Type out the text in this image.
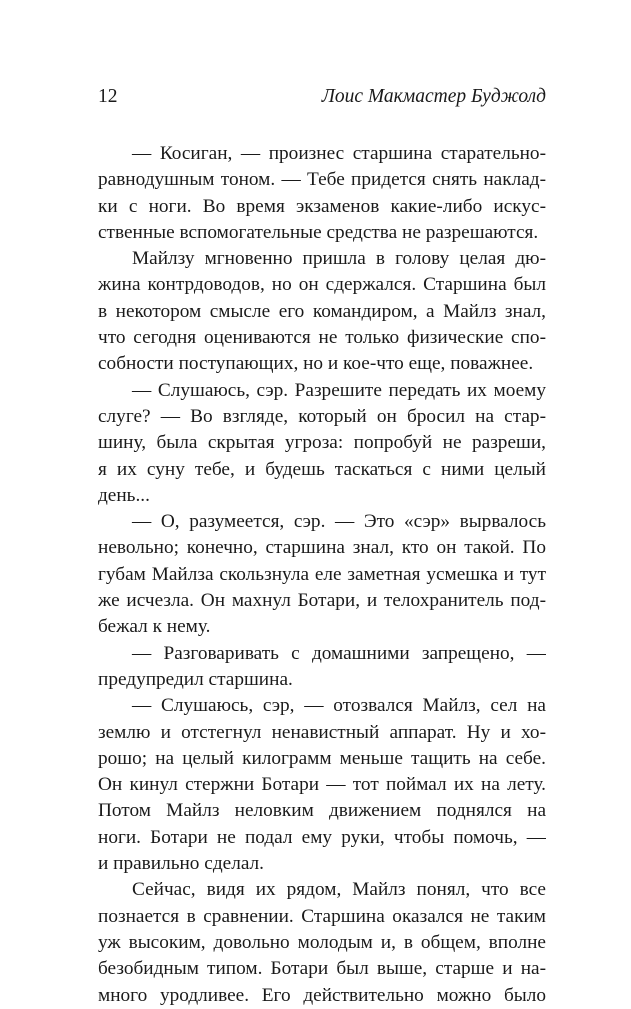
12	Лоис Макмастер Буджолд
— Косиган, — произнес старшина старательно-
равнодушным тоном. — Тебе придется снять наклад-
ки с ноги. Во время экзаменов какие-либо искус-
ственные вспомогательные средства не разрешаются.
Майлзу мгновенно пришла в голову целая дю-
жина контрдоводов, но он сдержался. Старшина был
в некотором смысле его командиром, а Майлз знал,
что сегодня оцениваются не только физические спо-
собности поступающих, но и кое-что еще, поважнее.
— Слушаюсь, сэр. Разрешите передать их моему
слуге? — Во взгляде, который он бросил на стар-
шину, была скрытая угроза: попробуй не разреши,
я их суну тебе, и будешь таскаться с ними целый
день...
— О, разумеется, сэр. — Это «сэр» вырвалось
невольно; конечно, старшина знал, кто он такой. По
губам Майлза скользнула еле заметная усмешка и тут
же исчезла. Он махнул Ботари, и телохранитель под-
бежал к нему.
— Разговаривать с домашними запрещено, —
предупредил старшина.
— Слушаюсь, сэр, — отозвался Майлз, сел на
землю и отстегнул ненавистный аппарат. Ну и хо-
рошо; на целый килограмм меньше тащить на себе.
Он кинул стержни Ботари — тот поймал их на лету.
Потом Майлз неловким движением поднялся на
ноги. Ботари не подал ему руки, чтобы помочь, —
и правильно сделал.
Сейчас, видя их рядом, Майлз понял, что все
познается в сравнении. Старшина оказался не таким
уж высоким, довольно молодым и, в общем, вполне
безобидным типом. Ботари был выше, старше и на-
много уродливее. Его действительно можно было
